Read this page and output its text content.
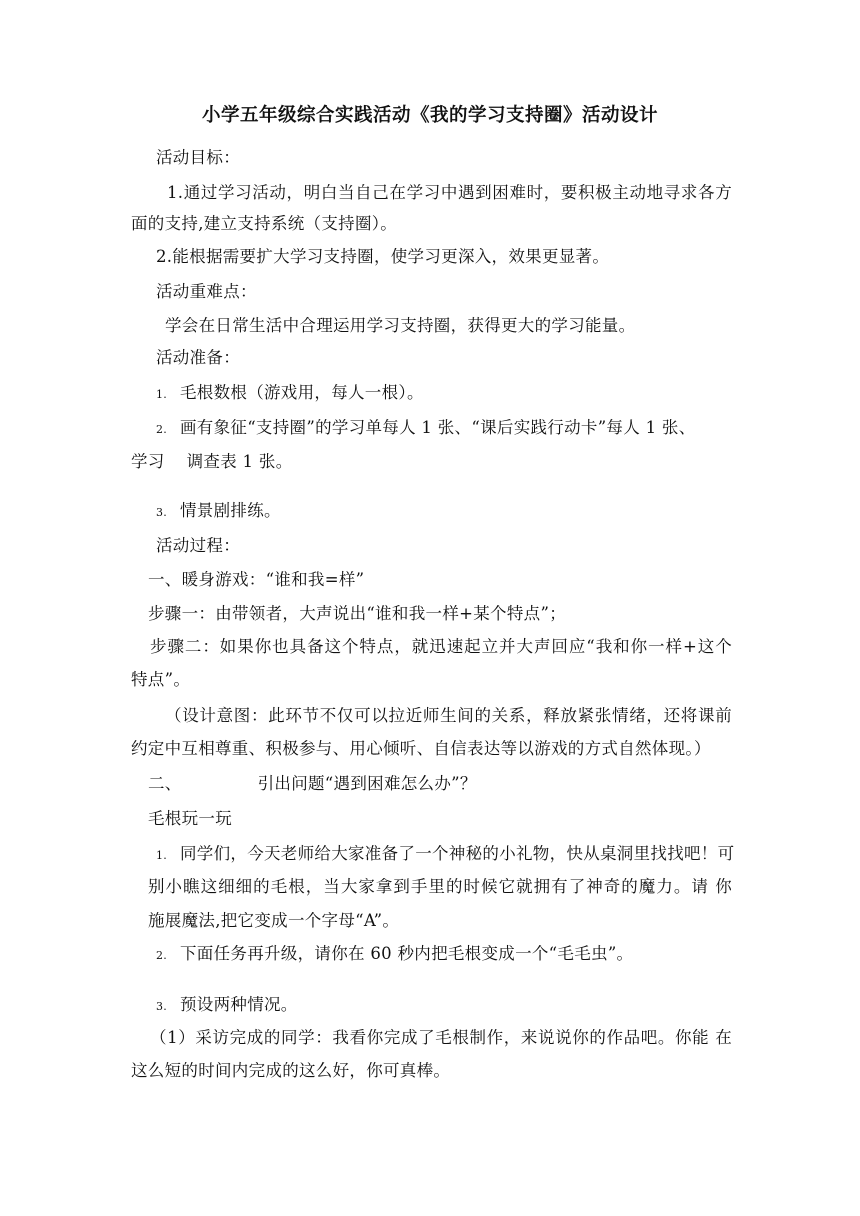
小学五年级综合实践活动《我的学习支持圈》活动设计
活动目标：
1.通过学习活动，明白当自己在学习中遇到困难时，要积极主动地寻求各方
面的支持,建立支持系统（支持圈）。
2.能根据需要扩大学习支持圈，使学习更深入，效果更显著。
活动重难点：
学会在日常生活中合理运用学习支持圈，获得更大的学习能量。
活动准备：
1. 毛根数根（游戏用，每人一根）。
2. 画有象征“支持圈”的学习单每人 1 张、“课后实践行动卡”每人 1 张、
学习 调查表 1 张。
3. 情景剧排练。
活动过程：
一、暖身游戏：“谁和我=样”
步骤一：由带领者，大声说出“谁和我一样+某个特点”；
步骤二：如果你也具备这个特点，就迅速起立并大声回应“我和你一样+这个
特点”。
（设计意图：此环节不仅可以拉近师生间的关系，释放紧张情绪，还将课前
约定中互相尊重、积极参与、用心倾听、自信表达等以游戏的方式自然体现。）
二、	引出问题“遇到困难怎么办”？
毛根玩一玩
1. 同学们，今天老师给大家准备了一个神秘的小礼物，快从桌洞里找找吧！可
别小瞧这细细的毛根，当大家拿到手里的时候它就拥有了神奇的魔力。请 你
施展魔法,把它变成一个字母“A”。
2. 下面任务再升级，请你在 60 秒内把毛根变成一个“毛毛虫”。
3. 预设两种情况。
（1）采访完成的同学：我看你完成了毛根制作，来说说你的作品吧。你能 在
这么短的时间内完成的这么好，你可真棒。
